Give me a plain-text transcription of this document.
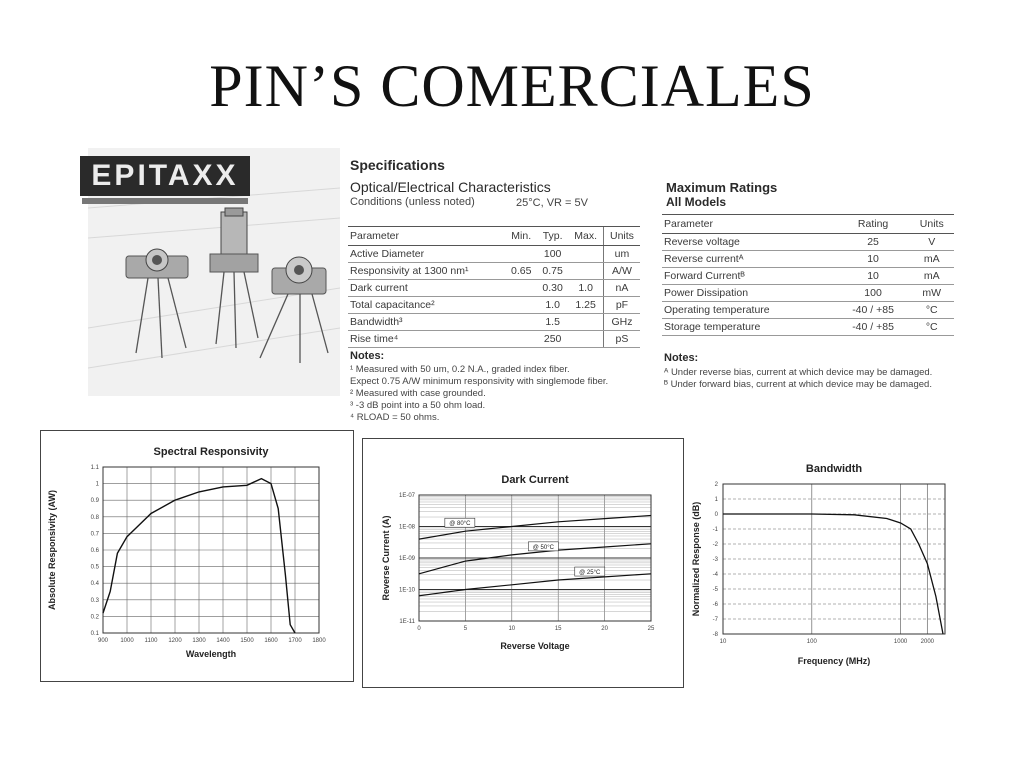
PIN’S COMERCIALES
EPITAXX	Specifications
Optical/Electrical Characteristics
Conditions (unless noted)	25°C, VR = 5V
Parameter	Min.	Typ.	Max.	Units
Active Diameter		100		um
Responsivity at 1300 nm¹	0.65	0.75		A/W
Dark current		0.30	1.0	nA
Total capacitance²		1.0	1.25	pF
Bandwidth³		1.5		GHz
Rise time⁴		250		pS
Notes:
¹ Measured with 50 um, 0.2 N.A., graded index fiber.
Expect 0.75 A/W minimum responsivity with singlemode fiber.
² Measured with case grounded.
³ -3 dB point into a 50 ohm load.
⁴ RLOAD = 50 ohms.
Maximum Ratings
All Models
Parameter	Rating	Units
Reverse voltage	25	V
Reverse currentᴬ	10	mA
Forward Currentᴮ	10	mA
Power Dissipation	100	mW
Operating temperature	-40 / +85	°C
Storage temperature	-40 / +85	°C
Notes:
ᴬ Under reverse bias, current at which device may be damaged.
ᴮ Under forward bias, current at which device may be damaged.
Spectral Responsivity
900 1000 1100 1200 1300 1400 1500 1600 1700 1800
0.1
0.2
0.3
0.4
0.5
0.6
0.7
0.8
0.9
1
1.1
Wavelength
Absolute Responsivity (AW)
Dark Current
0	5	10	15	20	25
1E-11
1E-10
1E-09
1E-08
1E-07
@ 80°C
@ 50°C
@ 25°C
Reverse Voltage
Reverse Current (A)
Bandwidth
10	100	1000 2000
2
1
0
-1
-2
-3
-4
-5
-6
-7
-8
Frequency (MHz)
Normalized Response (dB)
